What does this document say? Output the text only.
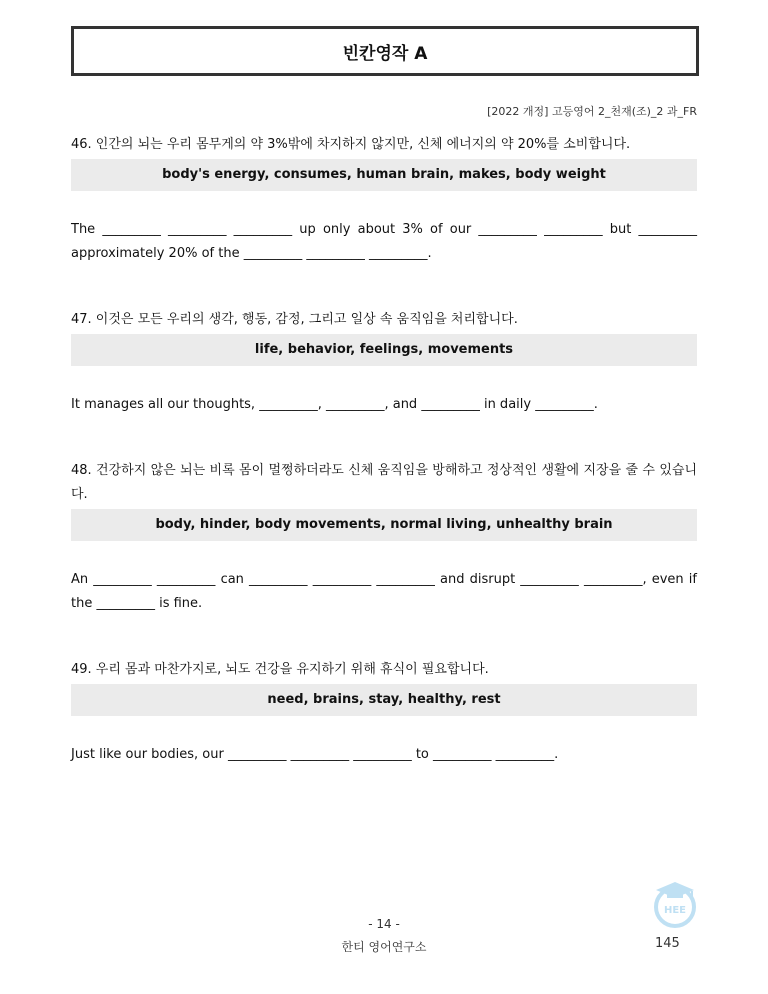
빈칸영작 A
[2022 개정] 고등영어 2_천재(조)_2 과_FR

46. 인간의 뇌는 우리 몸무게의 약 3%밖에 차지하지 않지만, 신체 에너지의 약 20%를 소비합니다.

body's energy, consumes, human brain, makes, body weight

The _________ _________ _________ up only about 3% of our _________ _________ but _________ approximately 20% of the _________ _________ _________.

47. 이것은 모든 우리의 생각, 행동, 감정, 그리고 일상 속 움직임을 처리합니다.

life, behavior, feelings, movements

It manages all our thoughts, _________, _________, and _________ in daily _________.

48. 건강하지 않은 뇌는 비록 몸이 멀쩡하더라도 신체 움직임을 방해하고 정상적인 생활에 지장을 줄 수 있습니다.

body, hinder, body movements, normal living, unhealthy brain

An _________ _________ can _________ _________ _________ and disrupt _________ _________, even if the _________ is fine.

49. 우리 몸과 마찬가지로, 뇌도 건강을 유지하기 위해 휴식이 필요합니다.

need, brains, stay, healthy, rest

Just like our bodies, our _________ _________ _________ to _________ _________.

- 14 -
한티 영어연구소
HEE
145
